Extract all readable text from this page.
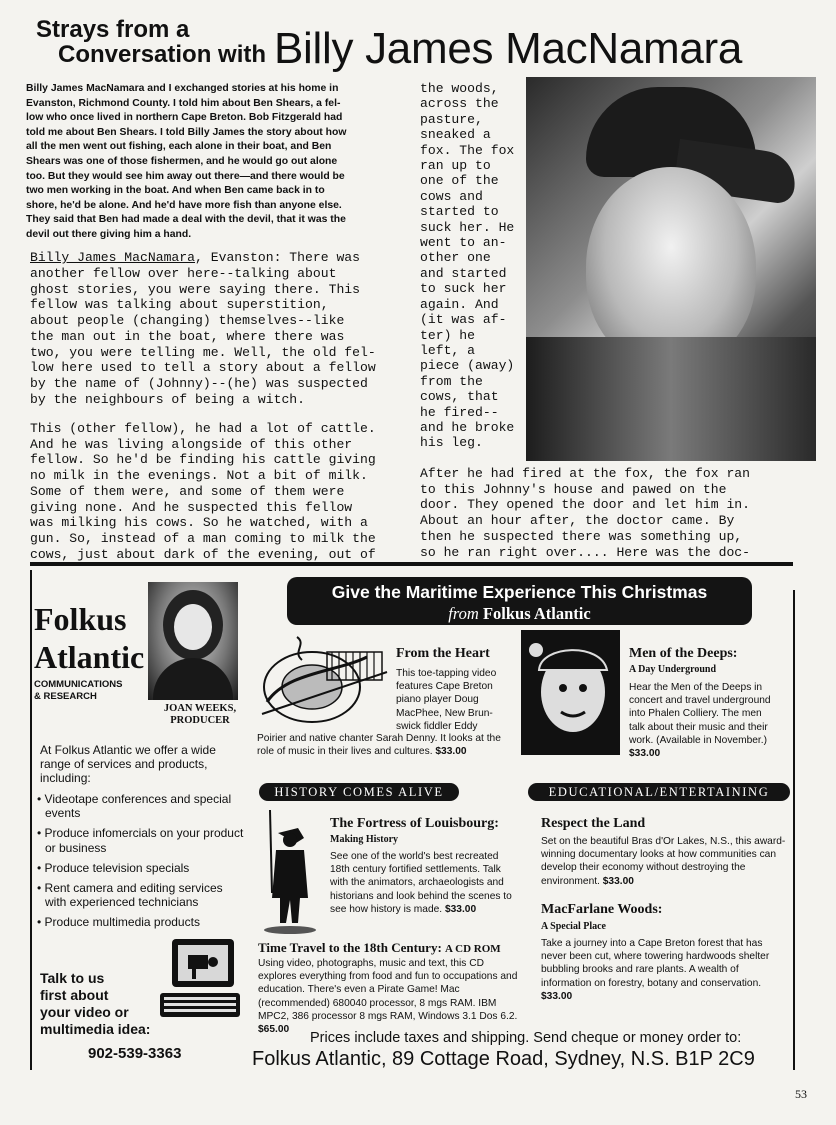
Strays from a
Conversation with Billy James MacNamara
Billy James MacNamara and I exchanged stories at his home in
Evanston, Richmond County. I told him about Ben Shears, a fel-
low who once lived in northern Cape Breton. Bob Fitzgerald had
told me about Ben Shears. I told Billy James the story about how
all the men went out fishing, each alone in their boat, and Ben
Shears was one of those fishermen, and he would go out alone
too. But they would see him away out there—and there would be
two men working in the boat. And when Ben came back in to
shore, he'd be alone. And he'd have more fish than anyone else.
They said that Ben had made a deal with the devil, that it was the
devil out there giving him a hand.
Billy James MacNamara, Evanston: There was
another fellow over here--talking about
ghost stories, you were saying there. This
fellow was talking about superstition,
about people (changing) themselves--like
the man out in the boat, where there was
two, you were telling me. Well, the old fel-
low here used to tell a story about a fellow
by the name of (Johnny)--(he) was suspected
by the neighbours of being a witch.
This (other fellow), he had a lot of cattle.
And he was living alongside of this other
fellow. So he'd be finding his cattle giving
no milk in the evenings. Not a bit of milk.
Some of them were, and some of them were
giving none. And he suspected this fellow
was milking his cows. So he watched, with a
gun. So, instead of a man coming to milk the
cows, just about dark of the evening, out of
the woods,
across the
pasture,
sneaked a
fox. The fox
ran up to
one of the
cows and
started to
suck her. He
went to an-
other one
and started
to suck her
again. And
(it was af-
ter) he
left, a
piece (away)
from the
cows, that
he fired--
and he broke
his leg.
After he had fired at the fox, the fox ran
to this Johnny's house and pawed on the
door. They opened the door and let him in.
About an hour after, the doctor came. By
then he suspected there was something up,
so he ran right over.... Here was the doc-
Folkus
Atlantic
COMMUNICATIONS
& RESEARCH
JOAN WEEKS,
PRODUCER
At Folkus Atlantic we offer a wide range of services and products, including:
• Videotape conferences and special events
• Produce infomercials on your product or business
• Produce television specials
• Rent camera and editing services with experienced technicians
• Produce multimedia products
Talk to us
first about
your video or
multimedia idea:
902-539-3363
Give the Maritime Experience This Christmas
from Folkus Atlantic
From the Heart
This toe-tapping video
features Cape Breton
piano player Doug
MacPhee, New Brun-
swick fiddler Eddy
Poirier and native chanter Sarah Denny. It looks at the role of music in their lives and cultures. $33.00
Men of the Deeps:
A Day Underground
Hear the Men of the Deeps in concert and travel underground into Phalen Colliery. The men talk about their music and their work. (Available in November.) $33.00
HISTORY COMES ALIVE	EDUCATIONAL/ENTERTAINING
The Fortress of Louisbourg:
Making History
See one of the world's best recreated 18th century fortified settlements. Talk with the animators, archaeologists and historians and look behind the scenes to see how history is made. $33.00
Time Travel to the 18th Century: A CD ROM
Using video, photographs, music and text, this CD explores everything from food and fun to occupations and education. There's even a Pirate Game! Mac (recommended) 680040 processor, 8 mgs RAM. IBM MPC2, 386 processor 8 mgs RAM, Windows 3.1 Dos 6.2. $65.00
Respect the Land
Set on the beautiful Bras d'Or Lakes, N.S., this award-winning documentary looks at how communities can develop their economy without destroying the environment. $33.00
MacFarlane Woods:
A Special Place
Take a journey into a Cape Breton forest that has never been cut, where towering hardwoods shelter bubbling brooks and rare plants. A wealth of information on forestry, botany and conservation. $33.00
Prices include taxes and shipping. Send cheque or money order to:
Folkus Atlantic, 89 Cottage Road, Sydney, N.S. B1P 2C9
53
